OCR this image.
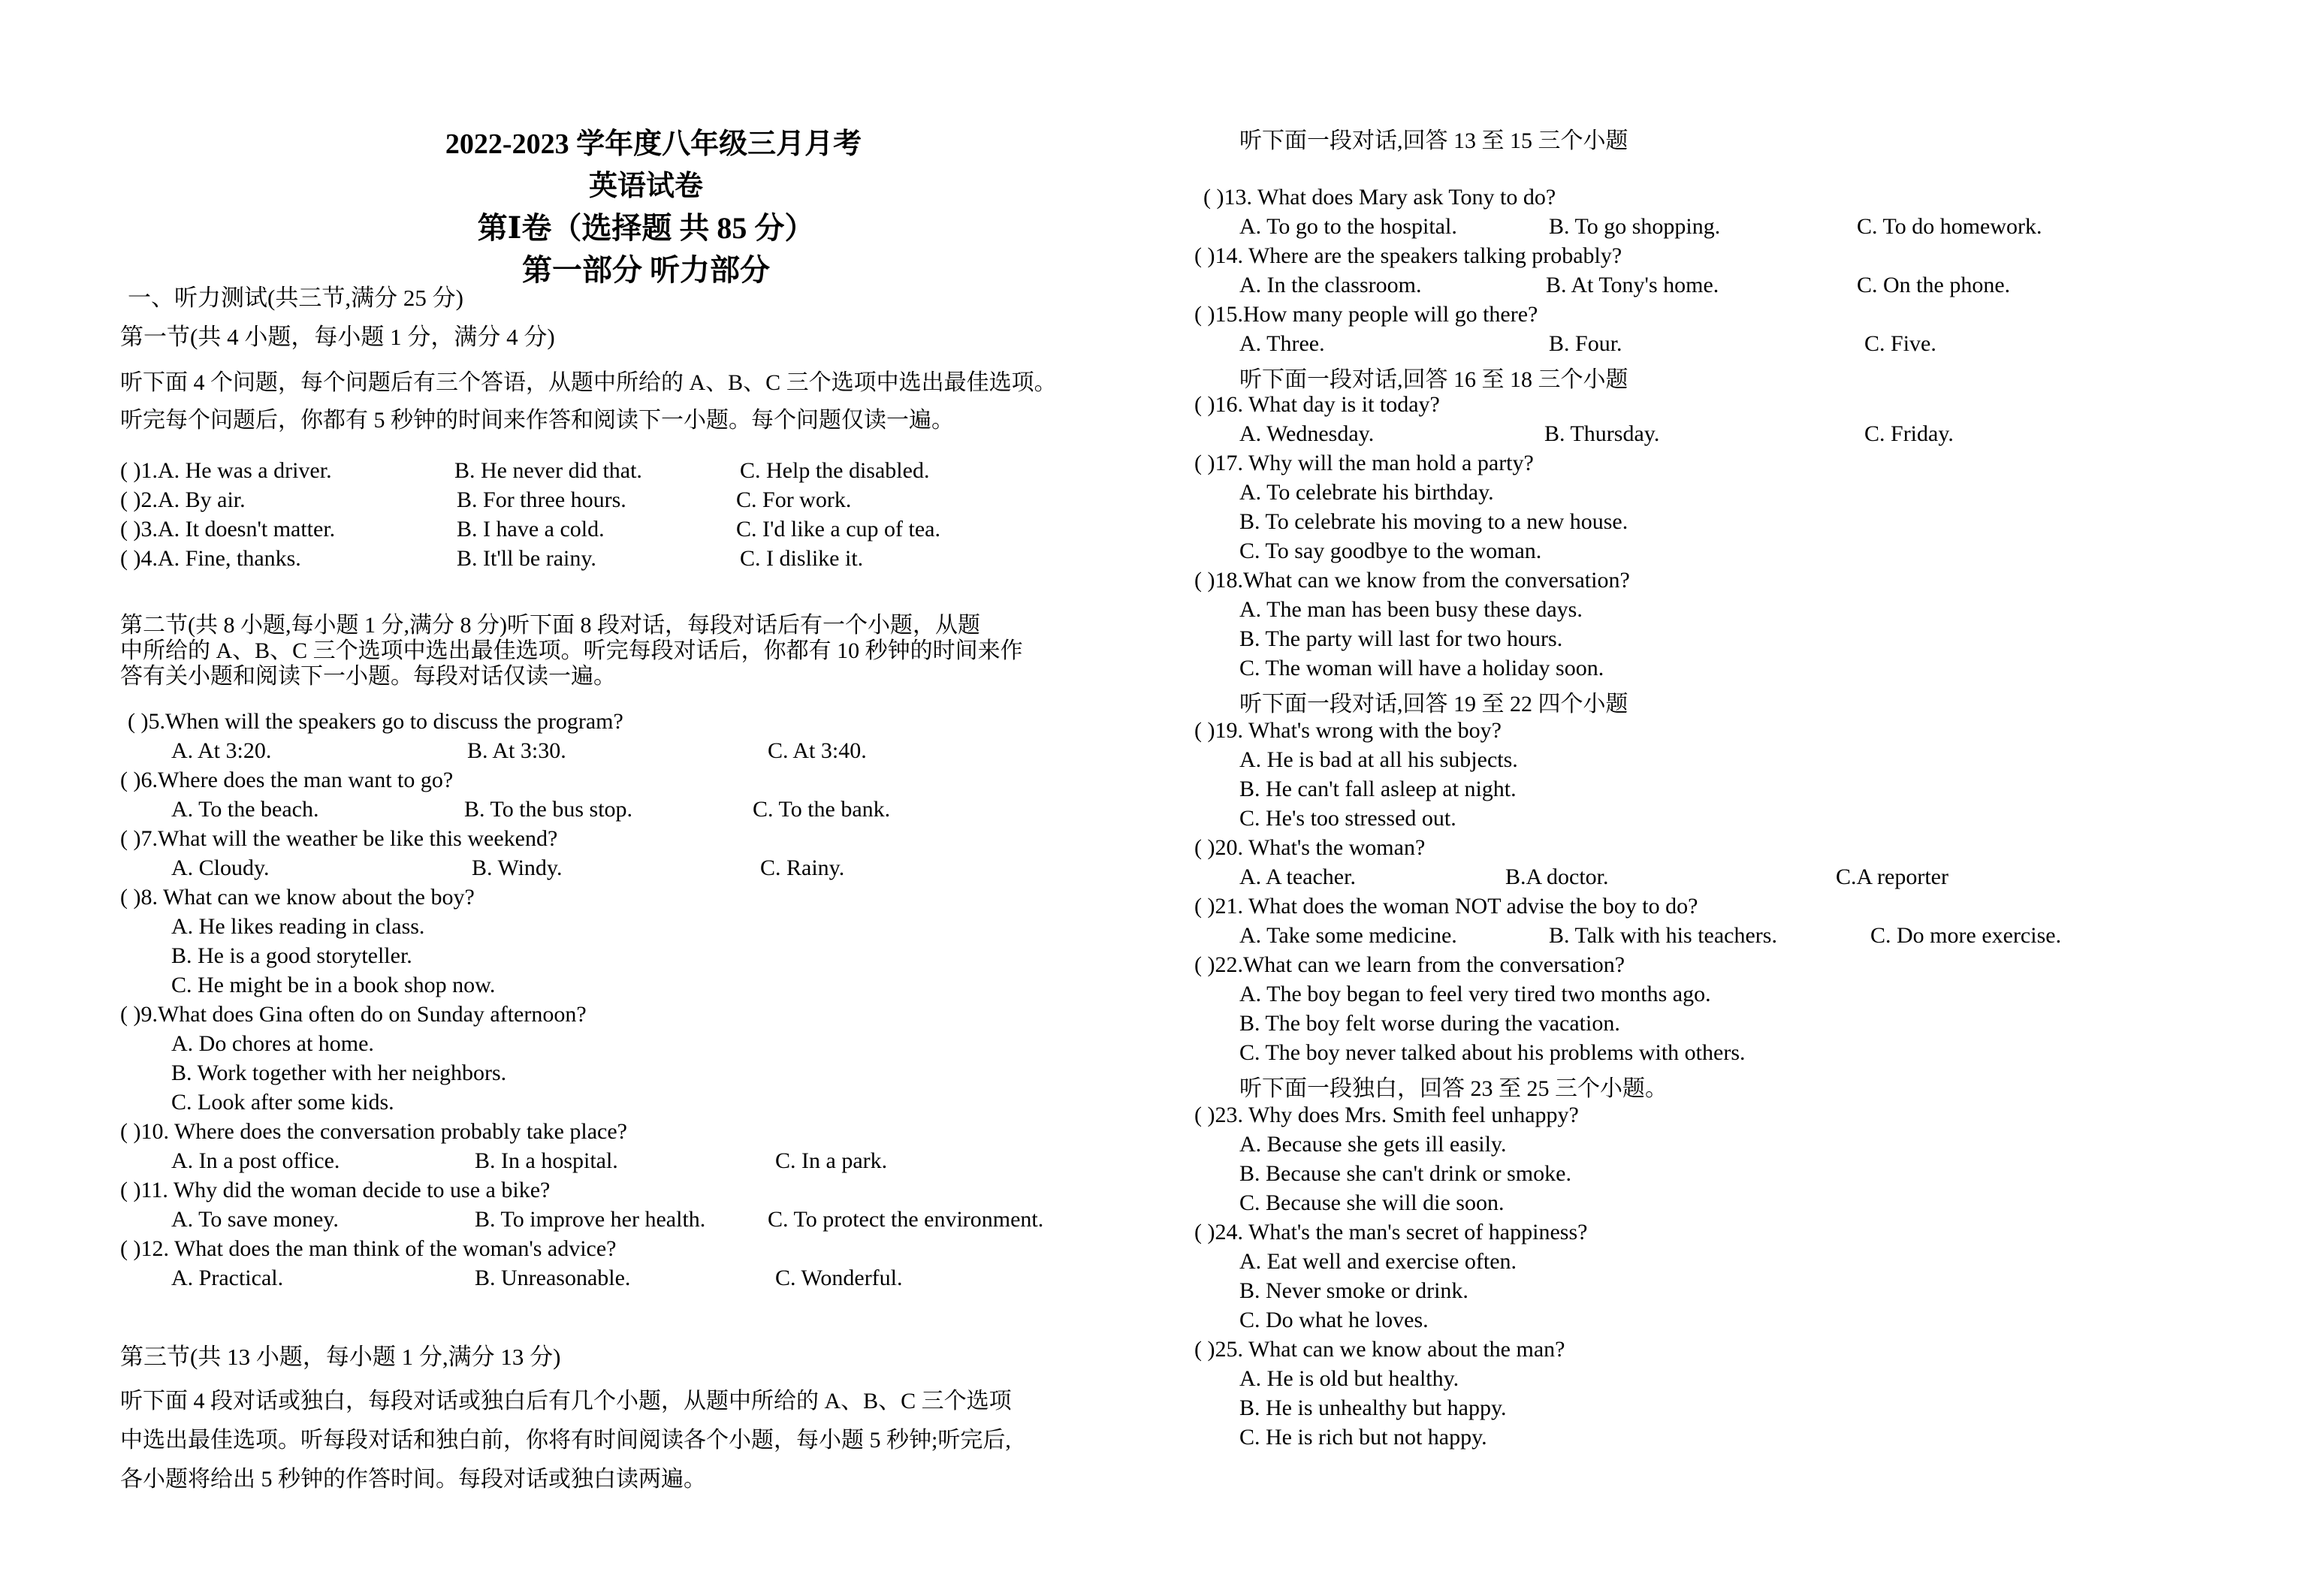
2022-2023 学年度八年级三月月考
英语试卷
第Ⅰ卷（选择题 共 85 分）
第一部分 听力部分
一、听力测试(共三节,满分 25 分)
第一节(共 4 小题，每小题 1 分，满分 4 分)
听下面 4 个问题，每个问题后有三个答语，从题中所给的 A、B、C 三个选项中选出最佳选项。
听完每个问题后，你都有 5 秒钟的时间来作答和阅读下一小题。每个问题仅读一遍。
( )1.A. He was a driver.	B. He never did that.	C. Help the disabled.
( )2.A. By air.	B. For three hours.	C. For work.
( )3.A. It doesn't matter.	B. I have a cold.	C. I'd like a cup of tea.
( )4.A. Fine, thanks.	B. It'll be rainy.	C. I dislike it.
第二节(共 8 小题,每小题 1 分,满分 8 分)听下面 8 段对话，每段对话后有一个小题，从题
中所给的 A、B、C 三个选项中选出最佳选项。听完每段对话后，你都有 10 秒钟的时间来作
答有关小题和阅读下一小题。每段对话仅读一遍。
( )5.When will the speakers go to discuss the program?
A. At 3:20.	B. At 3:30.	C. At 3:40.
( )6.Where does the man want to go?
A. To the beach.	B. To the bus stop.	C. To the bank.
( )7.What will the weather be like this weekend?
A. Cloudy.	B. Windy.	C. Rainy.
( )8. What can we know about the boy?
A. He likes reading in class.
B. He is a good storyteller.
C. He might be in a book shop now.
( )9.What does Gina often do on Sunday afternoon?
A. Do chores at home.
B. Work together with her neighbors.
C. Look after some kids.
( )10. Where does the conversation probably take place?
A. In a post office.	B. In a hospital.	C. In a park.
( )11. Why did the woman decide to use a bike?
A. To save money.	B. To improve her health.	C. To protect the environment.
( )12. What does the man think of the woman's advice?
A. Practical.	B. Unreasonable.	C. Wonderful.
第三节(共 13 小题，每小题 1 分,满分 13 分)
听下面 4 段对话或独白，每段对话或独白后有几个小题，从题中所给的 A、B、C 三个选项
中选出最佳选项。听每段对话和独白前，你将有时间阅读各个小题，每小题 5 秒钟;听完后,
各小题将给出 5 秒钟的作答时间。每段对话或独白读两遍。
听下面一段对话,回答 13 至 15 三个小题
( )13. What does Mary ask Tony to do?
A. To go to the hospital.	B. To go shopping.	C. To do homework.
( )14. Where are the speakers talking probably?
A. In the classroom.	B. At Tony's home.	C. On the phone.
( )15.How many people will go there?
A. Three.	B. Four.	C. Five.
听下面一段对话,回答 16 至 18 三个小题
( )16. What day is it today?
A. Wednesday.	B. Thursday.	C. Friday.
( )17. Why will the man hold a party?
A. To celebrate his birthday.
B. To celebrate his moving to a new house.
C. To say goodbye to the woman.
( )18.What can we know from the conversation?
A. The man has been busy these days.
B. The party will last for two hours.
C. The woman will have a holiday soon.
听下面一段对话,回答 19 至 22 四个小题
( )19. What's wrong with the boy?
A. He is bad at all his subjects.
B. He can't fall asleep at night.
C. He's too stressed out.
( )20. What's the woman?
A. A teacher.	B.A doctor.	C.A reporter
( )21. What does the woman NOT advise the boy to do?
A. Take some medicine.	B. Talk with his teachers.	C. Do more exercise.
( )22.What can we learn from the conversation?
A. The boy began to feel very tired two months ago.
B. The boy felt worse during the vacation.
C. The boy never talked about his problems with others.
听下面一段独白，回答 23 至 25 三个小题。
( )23. Why does Mrs. Smith feel unhappy?
A. Because she gets ill easily.
B. Because she can't drink or smoke.
C. Because she will die soon.
( )24. What's the man's secret of happiness?
A. Eat well and exercise often.
B. Never smoke or drink.
C. Do what he loves.
( )25. What can we know about the man?
A. He is old but healthy.
B. He is unhealthy but happy.
C. He is rich but not happy.
